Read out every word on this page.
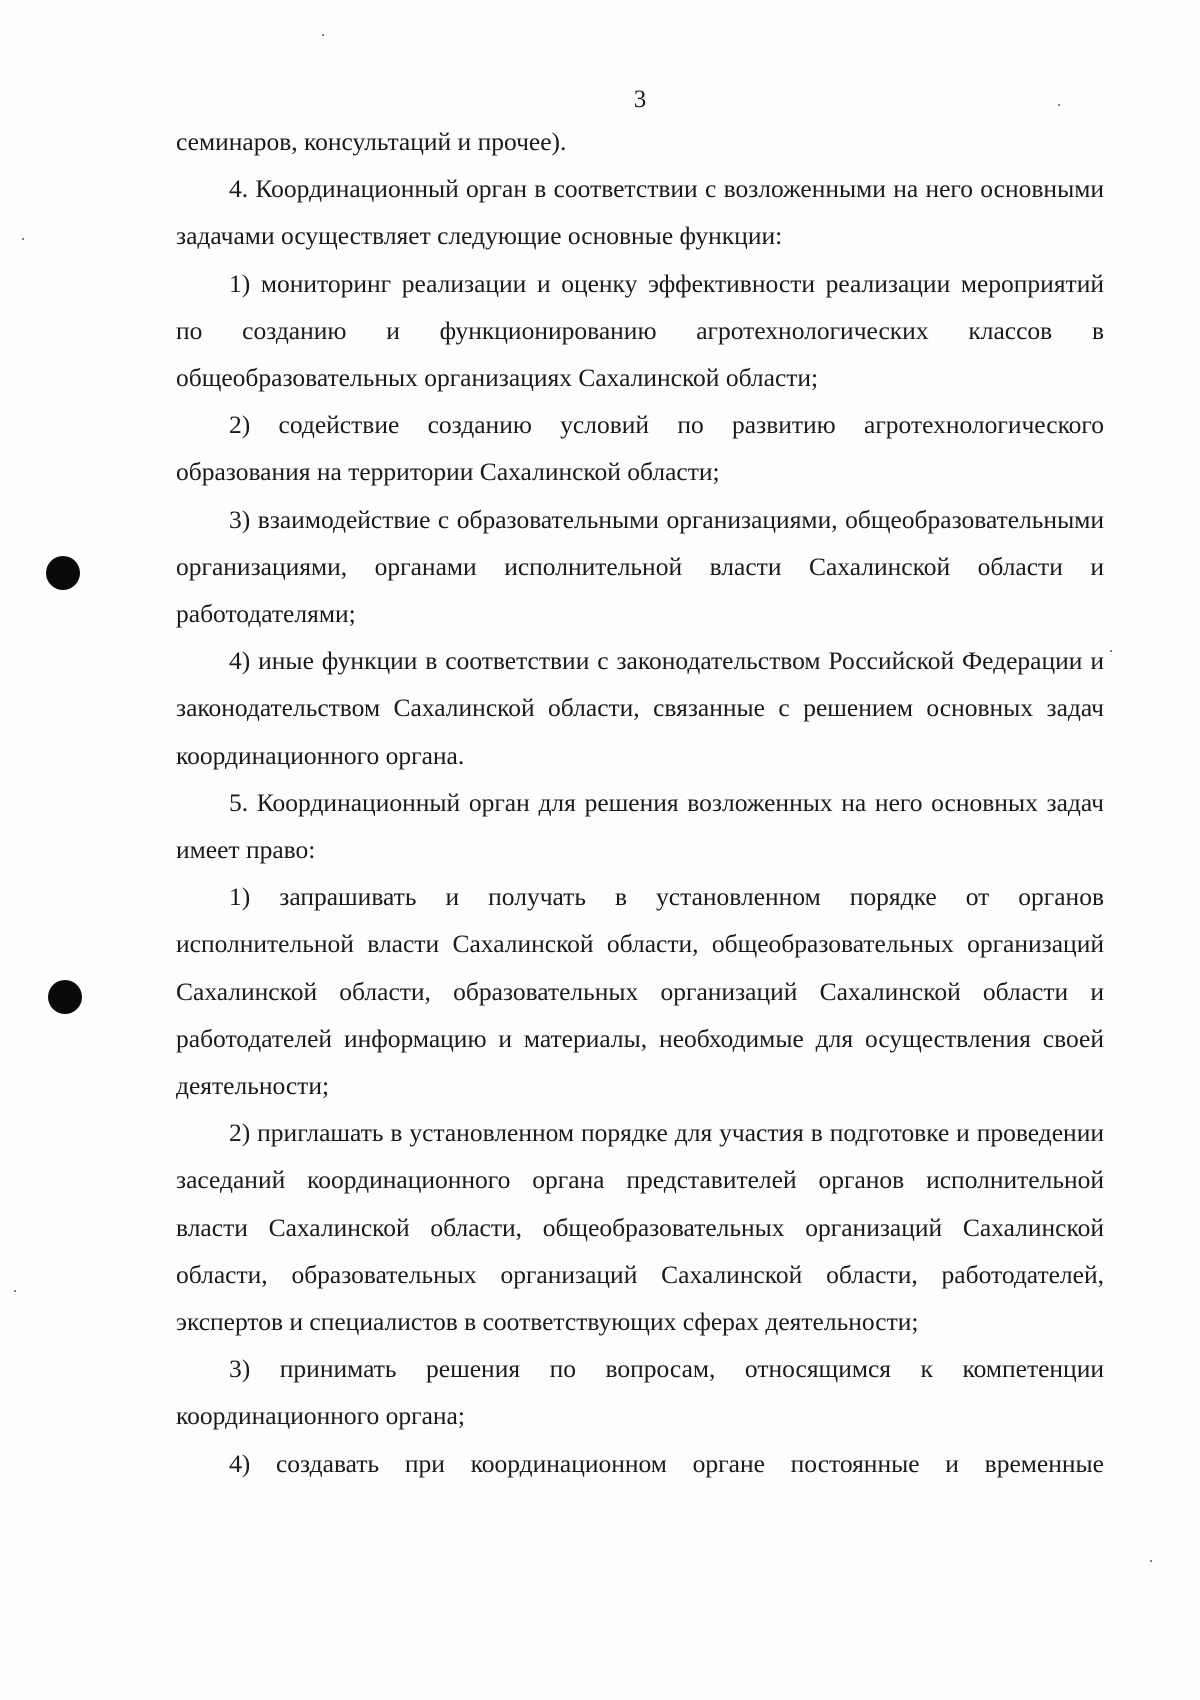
3

семинаров, консультаций и прочее).

4. Координационный орган в соответствии с возложенными на него основными задачами осуществляет следующие основные функции:

1) мониторинг реализации и оценку эффективности реализации мероприятий по созданию и функционированию агротехнологических классов в общеобразовательных организациях Сахалинской области;

2) содействие созданию условий по развитию агротехнологического образования на территории Сахалинской области;

3) взаимодействие с образовательными организациями, общеобразовательными организациями, органами исполнительной власти Сахалинской области и работодателями;

4) иные функции в соответствии с законодательством Российской Федерации и законодательством Сахалинской области, связанные с решением основных задач координационного органа.

5. Координационный орган для решения возложенных на него основных задач имеет право:

1) запрашивать и получать в установленном порядке от органов исполнительной власти Сахалинской области, общеобразовательных организаций Сахалинской области, образовательных организаций Сахалинской области и работодателей информацию и материалы, необходимые для осуществления своей деятельности;

2) приглашать в установленном порядке для участия в подготовке и проведении заседаний координационного органа представителей органов исполнительной власти Сахалинской области, общеобразовательных организаций Сахалинской области, образовательных организаций Сахалинской области, работодателей, экспертов и специалистов в соответствующих сферах деятельности;

3) принимать решения по вопросам, относящимся к компетенции координационного органа;

4) создавать при координационном органе постоянные и временные
